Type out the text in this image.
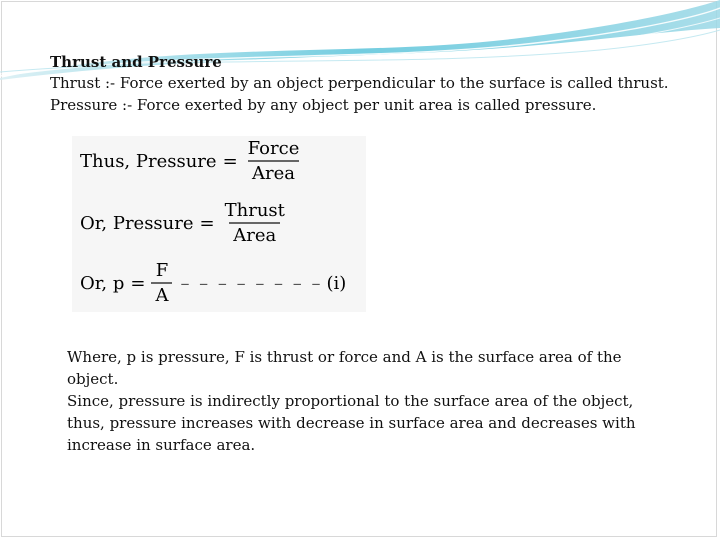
Thrust and Pressure
Thrust :- Force exerted by an object perpendicular to the surface is called thrust.
Pressure :- Force exerted by any object per unit area is called pressure.
Thus, Pressure = $\frac{\text{Force}}{\text{Area}}$
Or, Pressure = $\frac{\text{Thrust}}{\text{Area}}$
Or, $p = \frac{F}{A}$ – – – – – – – – (i)

Where, p is pressure, F is thrust or force and A is the surface area of the object.

Since, pressure is indirectly proportional to the surface area of the object, thus, pressure increases with decrease in surface area and decreases with increase in surface area.
